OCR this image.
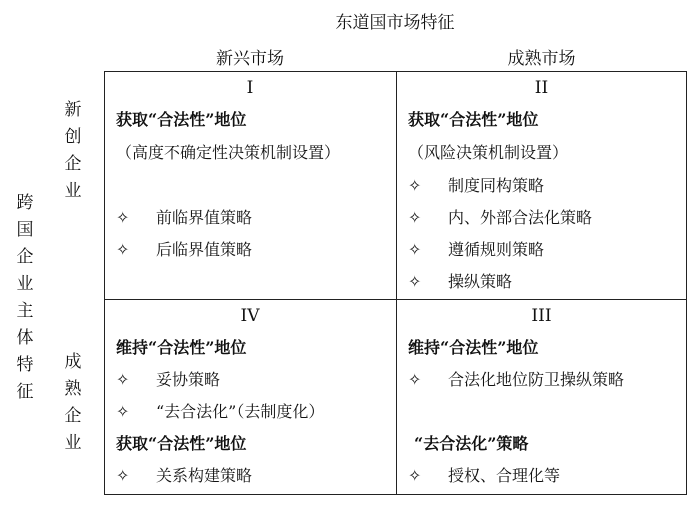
东道国市场特征
新兴市场	成熟市场
跨国企业主体特征
新创企业
成熟企业
I
获取“合法性”地位
（高度不确定性决策机制设置）
✧ 前临界值策略
✧ 后临界值策略
II
获取“合法性”地位
（风险决策机制设置）
✧ 制度同构策略
✧ 内、外部合法化策略
✧ 遵循规则策略
✧ 操纵策略
IV
维持“合法性”地位
✧ 妥协策略
✧ “去合法化”（去制度化）
获取“合法性”地位
✧ 关系构建策略
III
维持“合法性”地位
✧ 合法化地位防卫操纵策略
“去合法化”策略
✧ 授权、合理化等
